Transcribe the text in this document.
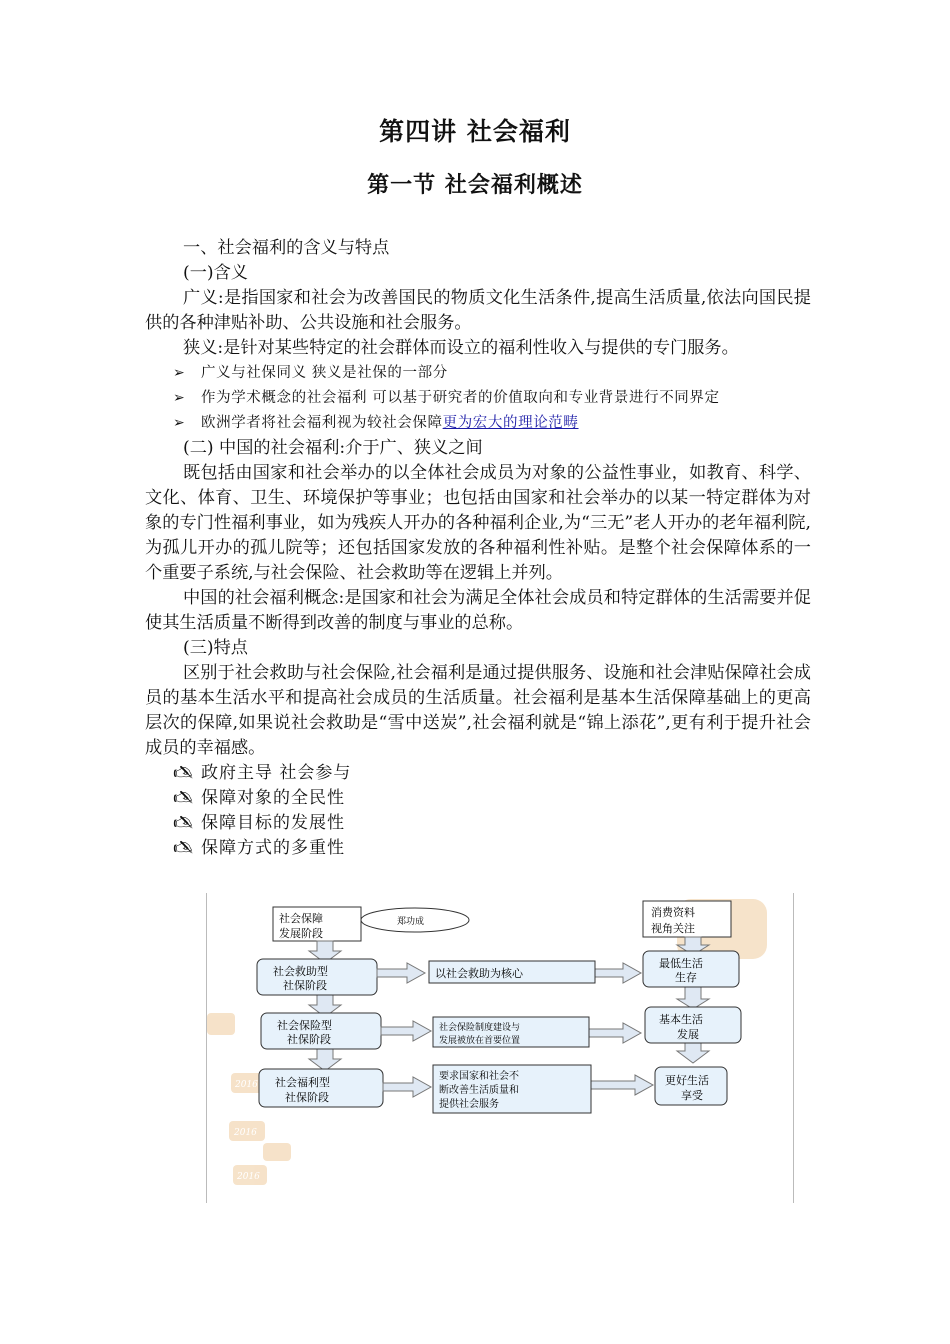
第四讲 社会福利
第一节 社会福利概述

一、社会福利的含义与特点

(一)含义

广义:是指国家和社会为改善国民的物质文化生活条件,提高生活质量,依法向国民提供的各种津贴补助、公共设施和社会服务。

狭义:是针对某些特定的社会群体而设立的福利性收入与提供的专门服务。

➢ 广义与社保同义 狭义是社保的一部分
➢ 作为学术概念的社会福利 可以基于研究者的价值取向和专业背景进行不同界定
➢ 欧洲学者将社会福利视为较社会保障更为宏大的理论范畴

(二) 中国的社会福利:介于广、狭义之间

既包括由国家和社会举办的以全体社会成员为对象的公益性事业，如教育、科学、文化、体育、卫生、环境保护等事业；也包括由国家和社会举办的以某一特定群体为对象的专门性福利事业，如为残疾人开办的各种福利企业,为“三无”老人开办的老年福利院,为孤儿开办的孤儿院等；还包括国家发放的各种福利性补贴。是整个社会保障体系的一个重要子系统,与社会保险、社会救助等在逻辑上并列。

中国的社会福利概念:是国家和社会为满足全体社会成员和特定群体的生活需要并促使其生活质量不断得到改善的制度与事业的总称。

(三)特点

区别于社会救助与社会保险,社会福利是通过提供服务、设施和社会津贴保障社会成员的基本生活水平和提高社会成员的生活质量。社会福利是基本生活保障基础上的更高层次的保障,如果说社会救助是“雪中送炭”,社会福利就是“锦上添花”,更有利于提升社会成员的幸福感。

🖎 政府主导 社会参与
🖎 保障对象的全民性
🖎 保障目标的发展性
🖎 保障方式的多重性
2016
2016
2016
社会保障
发展阶段
郑功成
消费资料
视角关注
社会救助型
社保阶段
社会保险型
社保阶段
社会福利型
社保阶段
以社会救助为核心
社会保险制度建设与
发展被放在首要位置
要求国家和社会不
断改善生活质量和
提供社会服务
最低生活
生存
基本生活
发展
更好生活
享受
